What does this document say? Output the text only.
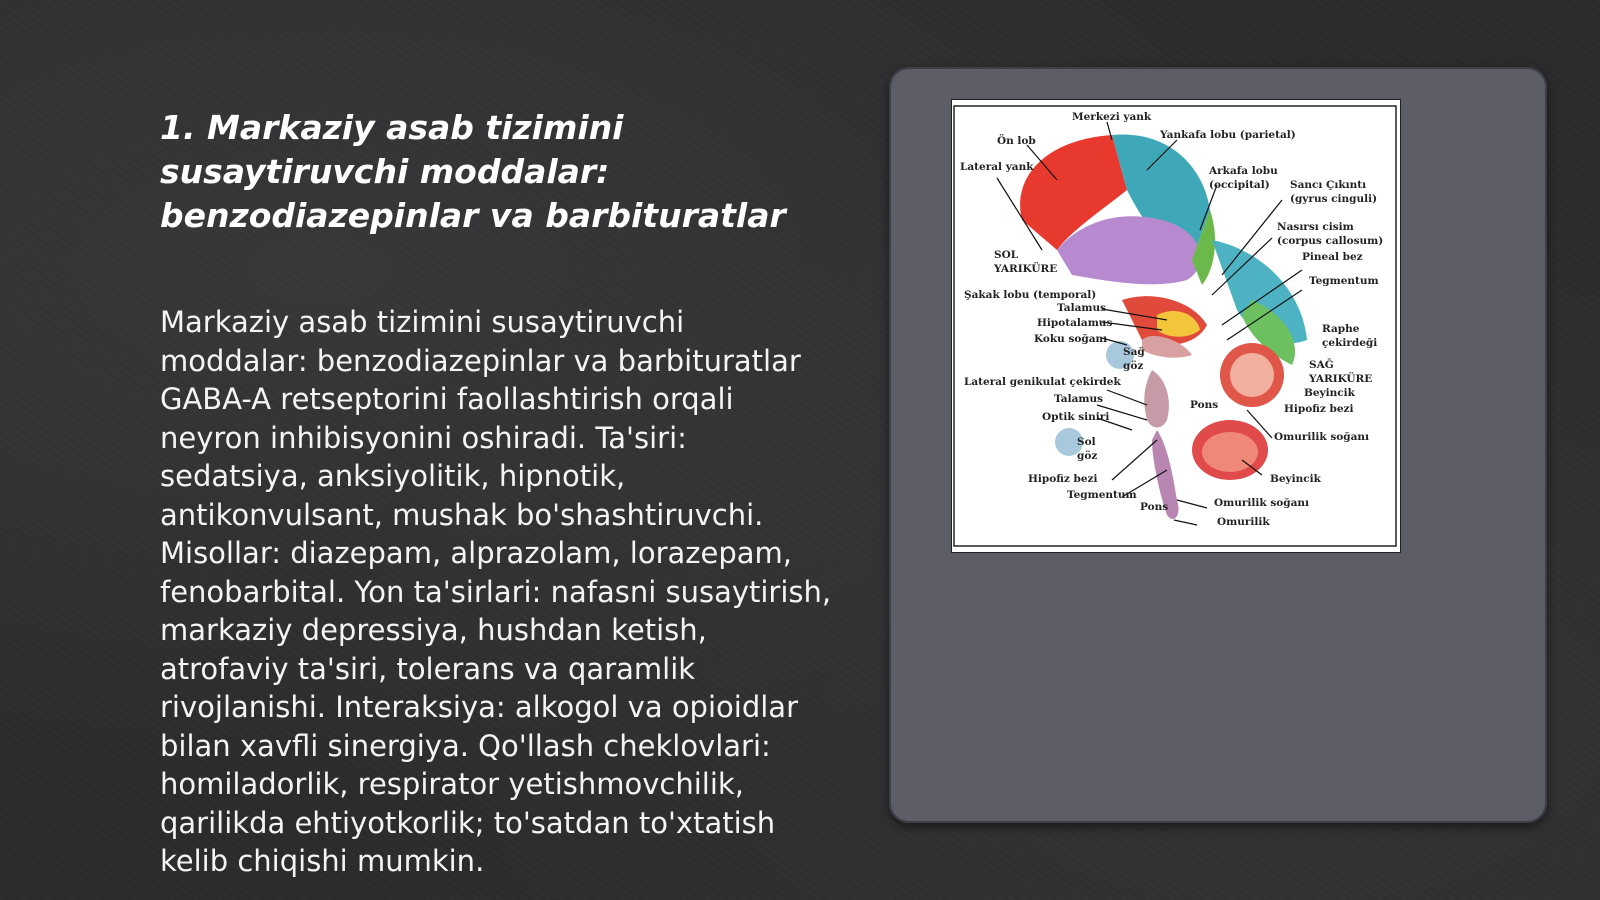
1. Markaziy asab tizimini susaytiruvchi moddalar: benzodiazepinlar va barbituratlar

Markaziy asab tizimini susaytiruvchi moddalar: benzodiazepinlar va barbituratlar GABA-A retseptorini faollashtirish orqali neyron inhibisyonini oshiradi. Ta'siri: sedatsiya, anksiyolitik, hipnotik, antikonvulsant, mushak bo'shashtiruvchi. Misollar: diazepam, alprazolam, lorazepam, fenobarbital. Yon ta'sirlari: nafasni susaytirish, markaziy depressiya, hushdan ketish, atrofaviy ta'siri, tolerans va qaramlik rivojlanishi. Interaksiya: alkogol va opioidlar bilan xavfli sinergiya. Qo'llash cheklovlari: homiladorlik, respirator yetishmovchilik, qarilikda ehtiyotkorlik; to'satdan to'xtatish kelib chiqishi mumkin.

Merkezi yank
Ön lob	Yankafa lobu (parietal)
Lateral yank	Arkafa lobu
(occipital) Sancı Çıkıntı
(gyrus cinguli)
Nasırsı cisim
(corpus callosum)
SOL
YARIKÜRE
Pineal bez
Şakak lobu (temporal)
Tegmentum
Talamus
Hipotalamus	Raphe
çekirdeği
Koku soğanı
Sağ
göz	SAĞ
YARIKÜRE
Lateral genikulat çekirdek
Beyincik
Talamus	Pons	Hipofiz bezi
Optik siniri
Omurilik soğanı
Sol
göz
Hipofiz bezi	Beyincik
Tegmentum
Omurilik soğanı
Pons
Omurilik
